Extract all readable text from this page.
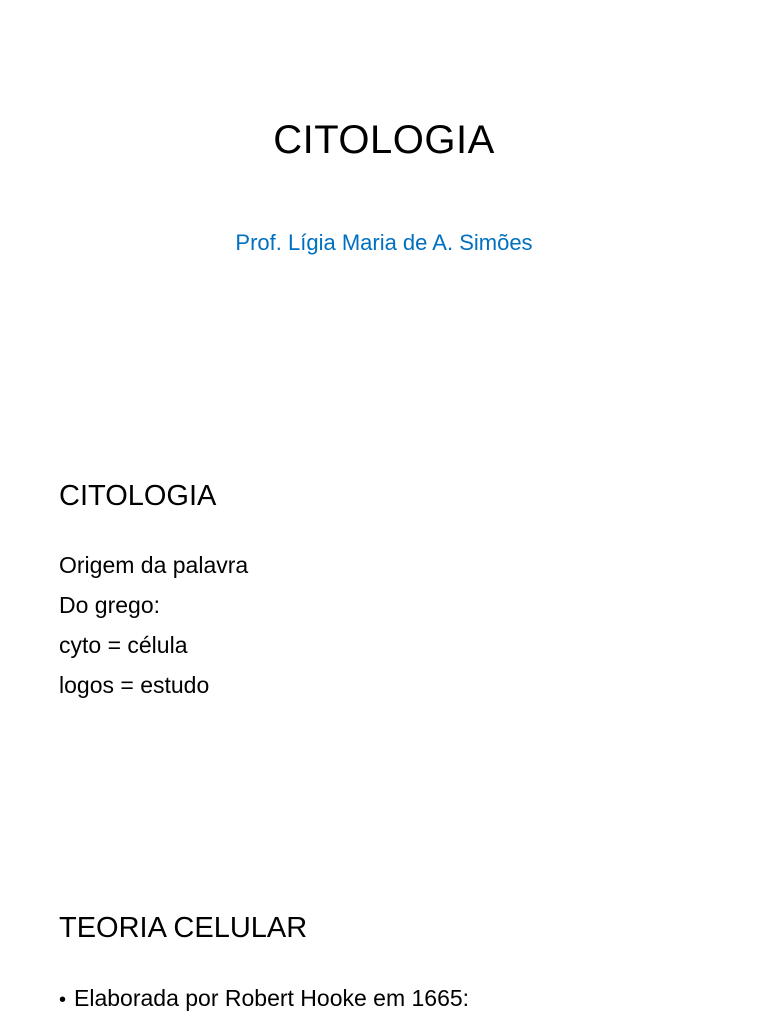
CITOLOGIA
Prof. Lígia Maria de A. Simões
CITOLOGIA
Origem da palavra
Do grego:
cyto = célula
logos = estudo
TEORIA CELULAR
• Elaborada por Robert Hooke em 1665:
